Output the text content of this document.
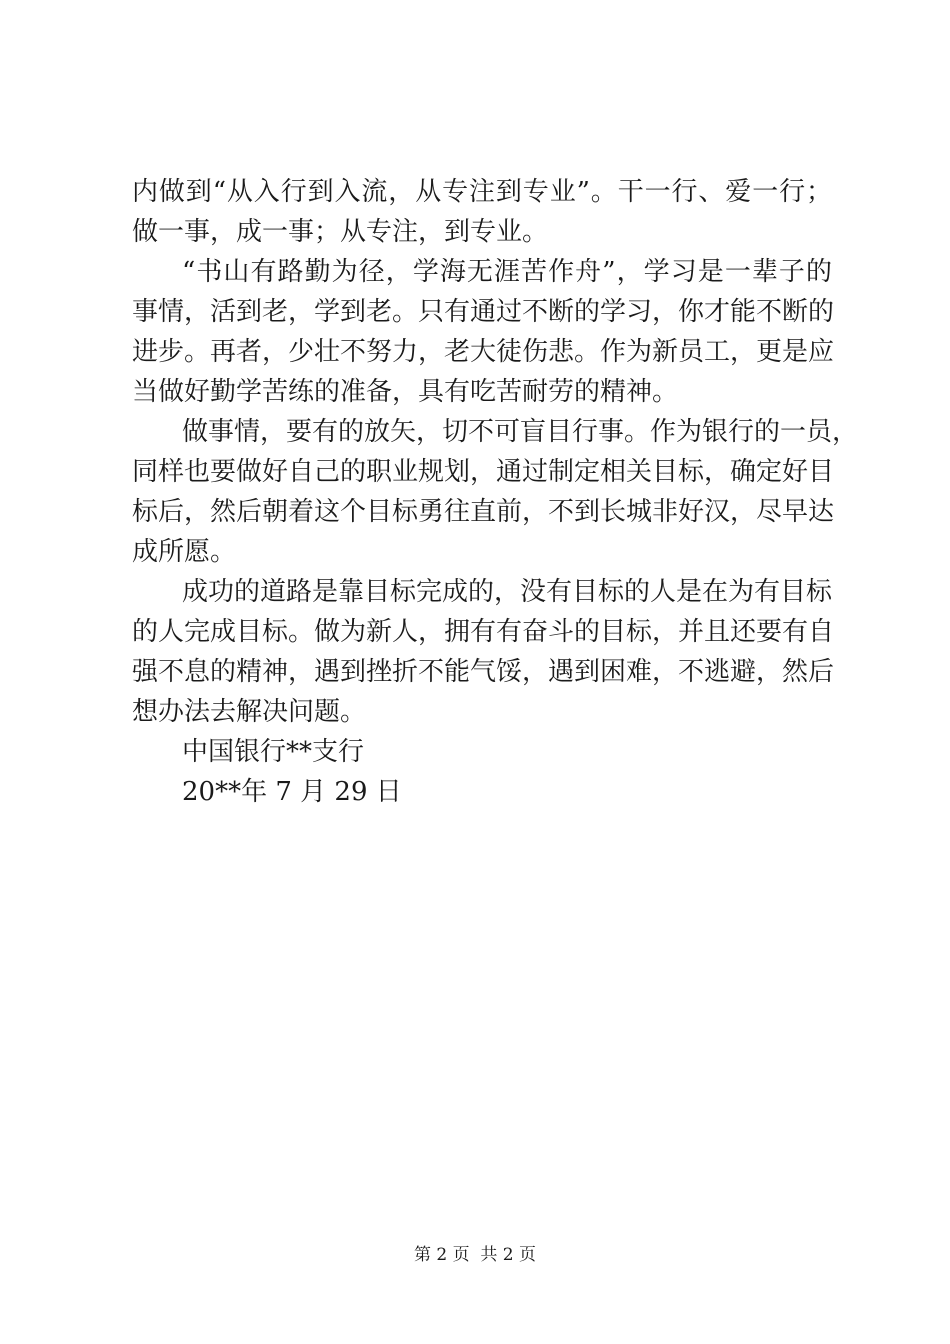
内做到“从入行到入流，从专注到专业”。干一行、爱一行；
做一事，成一事；从专注，到专业。
“书山有路勤为径，学海无涯苦作舟”，学习是一辈子的
事情，活到老，学到老。只有通过不断的学习，你才能不断的
进步。再者，少壮不努力，老大徒伤悲。作为新员工，更是应
当做好勤学苦练的准备，具有吃苦耐劳的精神。
做事情，要有的放矢，切不可盲目行事。作为银行的一员，
同样也要做好自己的职业规划，通过制定相关目标，确定好目
标后，然后朝着这个目标勇往直前，不到长城非好汉，尽早达
成所愿。
成功的道路是靠目标完成的，没有目标的人是在为有目标
的人完成目标。做为新人，拥有有奋斗的目标，并且还要有自
强不息的精神，遇到挫折不能气馁，遇到困难，不逃避，然后
想办法去解决问题。
中国银行**支行
20**年 7 月 29 日
第 2 页  共 2 页
